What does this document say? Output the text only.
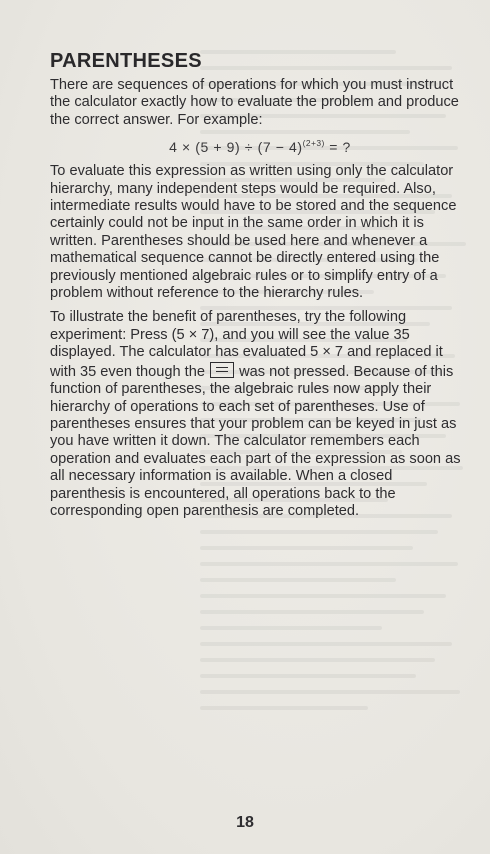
PARENTHESES

There are sequences of operations for which you must instruct the calculator exactly how to evaluate the problem and produce the correct answer. For example:

$4 \times (5 + 9) \div (7 - 4)^{(2+3)}$ = ?

To evaluate this expression as written using only the calculator hierarchy, many independent steps would be required. Also, intermediate results would have to be stored and the sequence certainly could not be input in the same order in which it is written. Parentheses should be used here and whenever a mathematical sequence cannot be directly entered using the previously mentioned algebraic rules or to simplify entry of a problem without reference to the hierarchy rules.

To illustrate the benefit of parentheses, try the following experiment: Press (5 × 7), and you will see the value 35 displayed. The calculator has evaluated 5 × 7 and replaced it with 35 even though the was not pressed. Because of this function of parentheses, the algebraic rules now apply their hierarchy of operations to each set of parentheses. Use of parentheses ensures that your problem can be keyed in just as you have written it down. The calculator remembers each operation and evaluates each part of the expression as soon as all necessary information is available. When a closed parenthesis is encountered, all operations back to the corresponding open parenthesis are completed.

18
